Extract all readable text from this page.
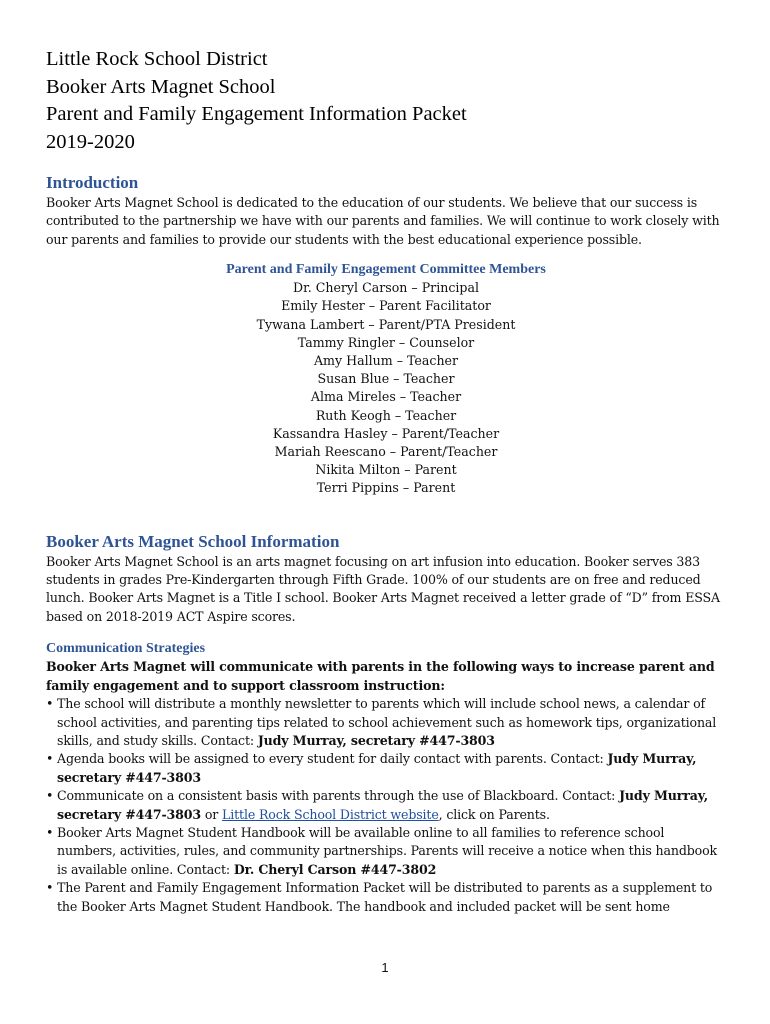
Little Rock School District
Booker Arts Magnet School
Parent and Family Engagement Information Packet
2019-2020
Introduction

Booker Arts Magnet School is dedicated to the education of our students. We believe that our success is contributed to the partnership we have with our parents and families. We will continue to work closely with our parents and families to provide our students with the best educational experience possible.

Parent and Family Engagement Committee Members
Dr. Cheryl Carson – Principal
Emily Hester – Parent Facilitator
Tywana Lambert – Parent/PTA President
Tammy Ringler – Counselor
Amy Hallum – Teacher
Susan Blue – Teacher
Alma Mireles – Teacher
Ruth Keogh – Teacher
Kassandra Hasley – Parent/Teacher
Mariah Reescano – Parent/Teacher
Nikita Milton – Parent
Terri Pippins – Parent
Booker Arts Magnet School Information

Booker Arts Magnet School is an arts magnet focusing on art infusion into education. Booker serves 383 students in grades Pre-Kindergarten through Fifth Grade. 100% of our students are on free and reduced lunch. Booker Arts Magnet is a Title I school. Booker Arts Magnet received a letter grade of “D” from ESSA based on 2018-2019 ACT Aspire scores.

Communication Strategies

Booker Arts Magnet will communicate with parents in the following ways to increase parent and family engagement and to support classroom instruction:

• The school will distribute a monthly newsletter to parents which will include school news, a calendar of school activities, and parenting tips related to school achievement such as homework tips, organizational skills, and study skills. Contact: Judy Murray, secretary #447-3803
• Agenda books will be assigned to every student for daily contact with parents. Contact: Judy Murray, secretary #447-3803
• Communicate on a consistent basis with parents through the use of Blackboard. Contact: Judy Murray, secretary #447-3803 or Little Rock School District website, click on Parents.
• Booker Arts Magnet Student Handbook will be available online to all families to reference school numbers, activities, rules, and community partnerships. Parents will receive a notice when this handbook is available online. Contact: Dr. Cheryl Carson #447-3802
• The Parent and Family Engagement Information Packet will be distributed to parents as a supplement to the Booker Arts Magnet Student Handbook. The handbook and included packet will be sent home
1
